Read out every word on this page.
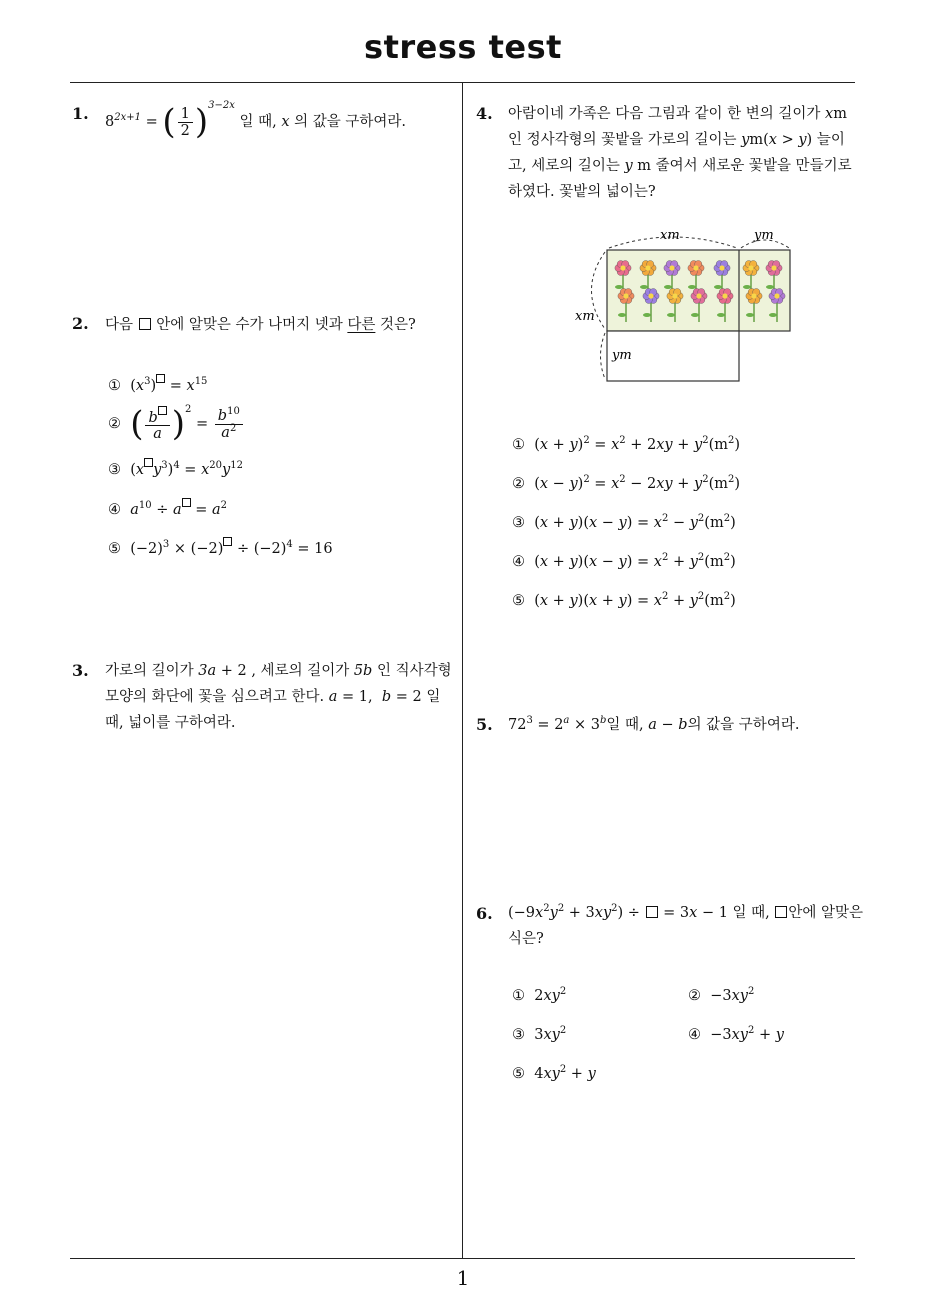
stress test
1
1. $8^{2x+1}$ = ( $\frac{1}{2} )^{3-2x}$ 일 때, x 의 값을 구하여라.
2. 다음  안에 알맞은 수가 나머지 넷과 다른 것은?
①  $(x^3) = x^{15}$
② ( $\frac{b}{a} )^2 = \frac{b^{10}}{a^2}$
③  (x $y^3)^4 = x^{20}y^{12}$
④ $a^{10} \div a = a^2$
⑤  $(-2)^3 \times (-2) \div (-2)^4 = 16$
3. 가로의 길이가 3a + 2 , 세로의 길이가 5b 인 직사각형
모양의 화단에 꽃을 심으려고 한다. a = 1,  b = 2 일
때, 넓이를 구하여라.
4. 아람이네 가족은 다음 그림과 같이 한 변의 길이가 xm
인 정사각형의 꽃밭을 가로의 길이는 ym(x > y) 늘이
고, 세로의 길이는 y m 줄여서 새로운 꽃밭을 만들기로
하였다. 꽃밭의 넓이는?
xm	ym
xm
ym
①  $(x + y)^2 = x^2 + 2xy + y^2(m^2)$
②  $(x - y)^2 = x^2 - 2xy + y^2(m^2)$
③  $(x + y)(x - y) = x^2 - y^2(m^2)$
④  $(x + y)(x - y) = x^2 + y^2(m^2)$
⑤  $(x + y)(x + y) = x^2 + y^2(m^2)$
5. $72^3 = 2^a \times 3^b$일 때, a − b의 값을 구하여라.
6. $(-9x^2y^2 + 3xy^2)$ ÷  = 3x − 1 일 때, 안에 알맞은
식은?
①  $2xy^2$	②  $-3xy^2$
③  $3xy^2$	④  $-3xy^2 + y$
⑤  $4xy^2 + y$
